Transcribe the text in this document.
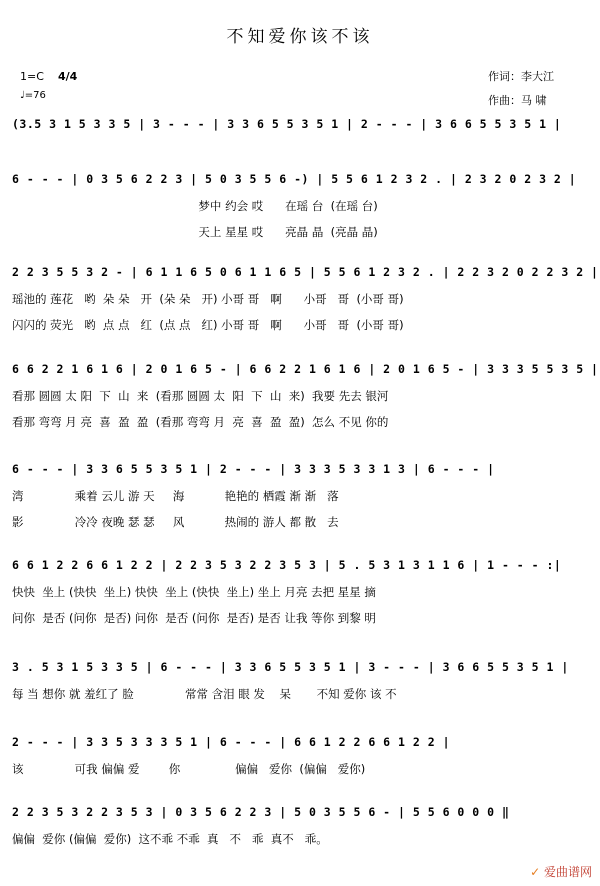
不知爱你该不该
1=C 4/4
♩=76
作词：李大江
作曲：马 啸
(3.5 3 1 5 3 3 5 | 3 - - - | 3 3 6 5 5 3 5 1 | 2 - - - | 3 6 6 5 5 3 5 1 |
6 - - - | 0 3 5 6 2 2 3 | 5 0 3 5 5 6 -) | 5 5 6 1 2 3 2 . | 2 3 2 0 2 3 2 |
梦中 约会 哎      在瑶 台  (在瑶 台)
天上 星星 哎      亮晶 晶  (亮晶 晶)
2 2 3 5 5 3 2 - | 6 1 1 6 5 0 6 1 1 6 5 | 5 5 6 1 2 3 2 . | 2 2 3 2 0 2 2 3 2 |
瑶池的 莲花   哟  朵 朵   开  (朵 朵   开) 小哥 哥   啊      小哥   哥  (小哥 哥)
闪闪的 荧光   哟  点 点   红  (点 点   红) 小哥 哥   啊      小哥   哥  (小哥 哥)
6 6 2 2 1 6 1 6 | 2 0 1 6 5 - | 6 6 2 2 1 6 1 6 | 2 0 1 6 5 - | 3 3 3 5 5 3 5 |
看那 圆圆 太 阳  下  山  来  (看那 圆圆 太  阳  下  山  来)  我要 先去 银河
看那 弯弯 月 亮  喜  盈  盈  (看那 弯弯 月  亮  喜  盈  盈)  怎么 不见 你的
6 - - - | 3 3 6 5 5 3 5 1 | 2 - - - | 3 3 3 5 3 3 1 3 | 6 - - - |
湾              乘着 云儿 游 天     海           艳艳的 栖霞 渐 渐   落
影              冷冷 夜晚 瑟 瑟     风           热闹的 游人 都 散   去
6 6 1 2 2 6 6 1 2 2 | 2 2 3 5 3 2 2 3 5 3 | 5 . 5 3 1 3 1 1 6 | 1 - - - :|
快快  坐上 (快快  坐上) 快快  坐上 (快快  坐上) 坐上 月亮 去把 星星 摘
问你  是否 (问你  是否) 问你  是否 (问你  是否) 是否 让我 等你 到黎 明
3 . 5 3 1 5 3 3 5 | 6 - - - | 3 3 6 5 5 3 5 1 | 3 - - - | 3 6 6 5 5 3 5 1 |
每 当 想你 就 羞红了 脸              常常 含泪 眼 发    呆       不知 爱你 该 不
2 - - - | 3 3 5 3 3 3 5 1 | 6 - - - | 6 6 1 2 2 6 6 1 2 2 |
该              可我 偏偏 爱        你               偏偏   爱你  (偏偏   爱你)
2 2 3 5 3 2 2 3 5 3 | 0 3 5 6 2 2 3 | 5 0 3 5 5 6 - | 5 5 6 0 0 0 ‖
偏偏  爱你 (偏偏  爱你)  这不乖 不乖  真   不   乖  真不   乖。
✓ 爱曲谱网
